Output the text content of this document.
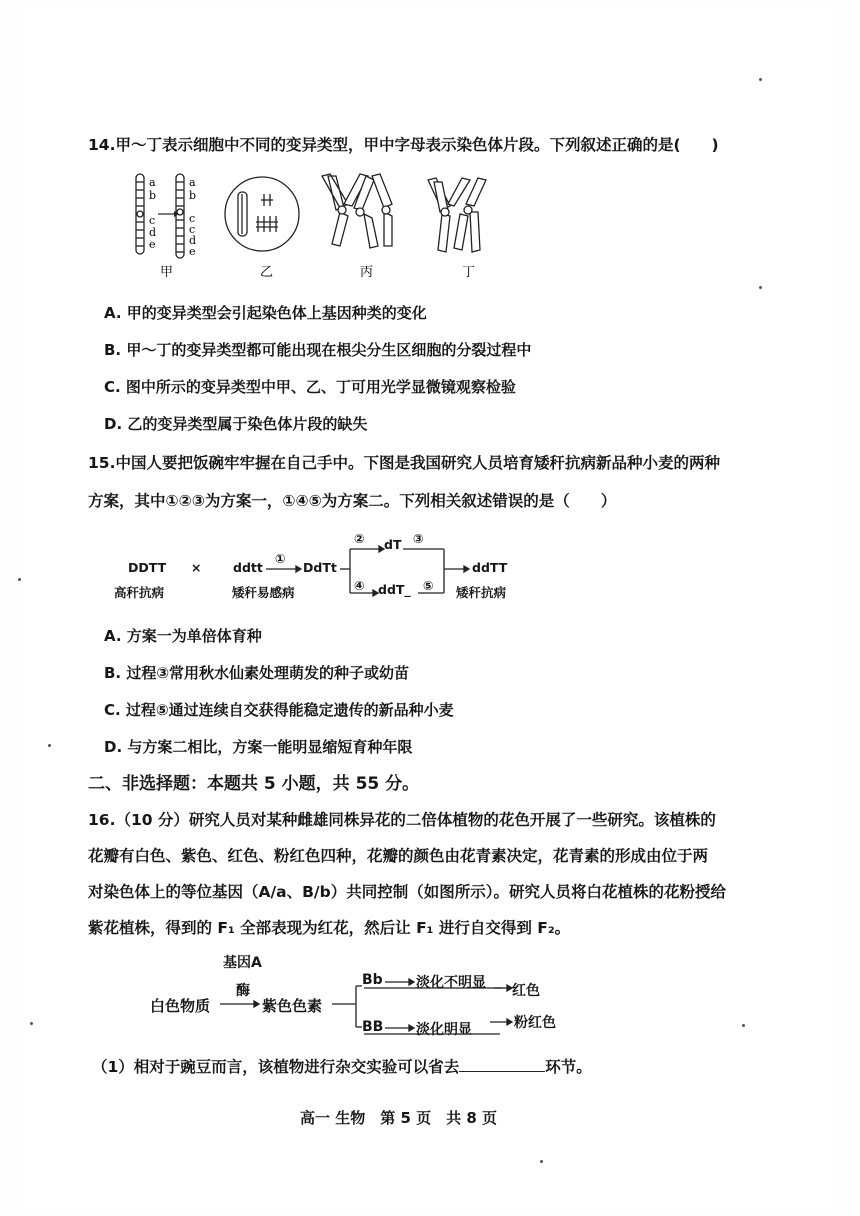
14.甲～丁表示细胞中不同的变异类型，甲中字母表示染色体片段。下列叙述正确的是(　　)
a
b
c
d
e
a
b
c
c
d
e
甲	乙	丙	丁
A. 甲的变异类型会引起染色体上基因种类的变化
B. 甲～丁的变异类型都可能出现在根尖分生区细胞的分裂过程中
C. 图中所示的变异类型中甲、乙、丁可用光学显微镜观察检验
D. 乙的变异类型属于染色体片段的缺失
15.中国人要把饭碗牢牢握在自己手中。下图是我国研究人员培育矮秆抗病新品种小麦的两种
方案，其中①②③为方案一，①④⑤为方案二。下列相关叙述错误的是（　　）
DDTT
高秆抗病
×	ddtt
矮秆易感病
①
DdTt
② dT ③
④ ddT_ ⑤
ddTT
矮秆抗病
A. 方案一为单倍体育种
B. 过程③常用秋水仙素处理萌发的种子或幼苗
C. 过程⑤通过连续自交获得能稳定遗传的新品种小麦
D. 与方案二相比，方案一能明显缩短育种年限
二、非选择题：本题共 5 小题，共 55 分。
16.（10 分）研究人员对某种雌雄同株异花的二倍体植物的花色开展了一些研究。该植株的
花瓣有白色、紫色、红色、粉红色四种，花瓣的颜色由花青素决定，花青素的形成由位于两
对染色体上的等位基因（A/a、B/b）共同控制（如图所示）。研究人员将白花植株的花粉授给
紫花植株，得到的 F₁ 全部表现为红花，然后让 F₁ 进行自交得到 F₂。
基因A
酶
白色物质	紫色色素
Bb 淡化不明显 红色
BB 淡化明显	粉红色
（1）相对于豌豆而言，该植物进行杂交实验可以省去	环节。
高一 生物　第 5 页　共 8 页
